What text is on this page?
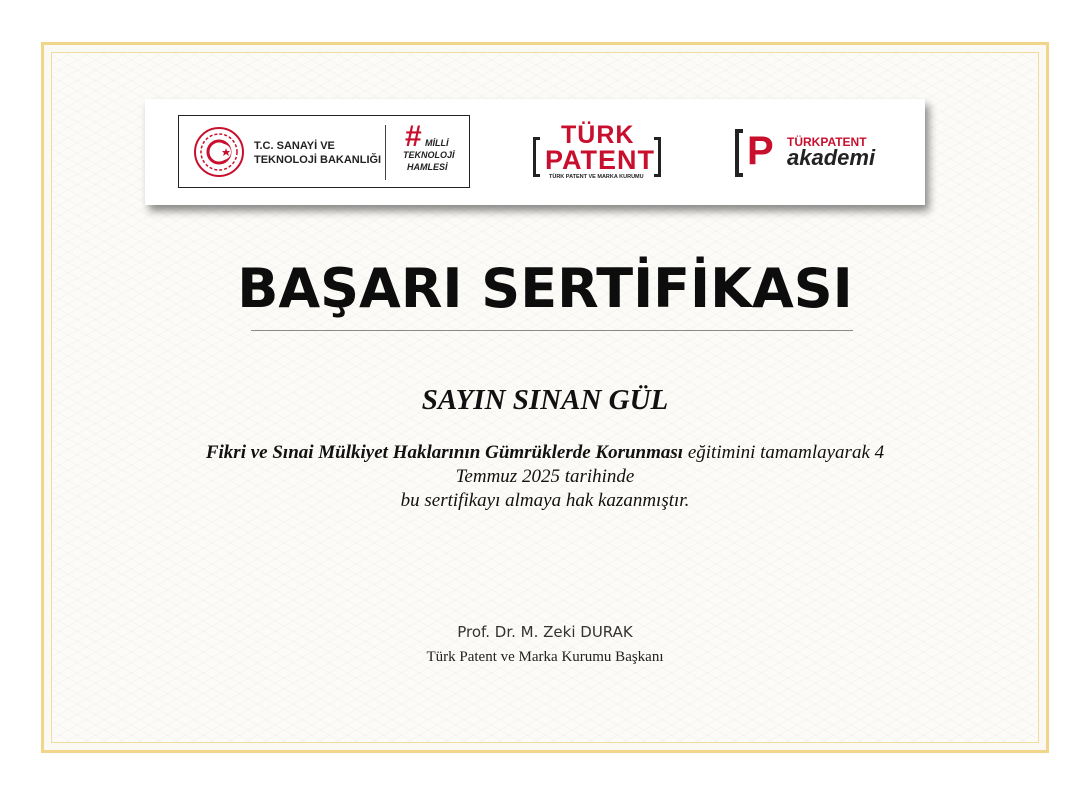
T.C. SANAYİ VE
TEKNOLOJİ BAKANLIĞI
# MİLLİ
TEKNOLOJİ
HAMLESİ
TÜRK
PATENT
TÜRK PATENT VE MARKA KURUMU
P TÜRKPATENT
akademi
BAŞARI SERTİFİKASI
SAYIN SINAN GÜL
Fikri ve Sınai Mülkiyet Haklarının Gümrüklerde Korunması eğitimini tamamlayarak 4
Temmuz 2025 tarihinde
bu sertifikayı almaya hak kazanmıştır.
Prof. Dr. M. Zeki DURAK
Türk Patent ve Marka Kurumu Başkanı
